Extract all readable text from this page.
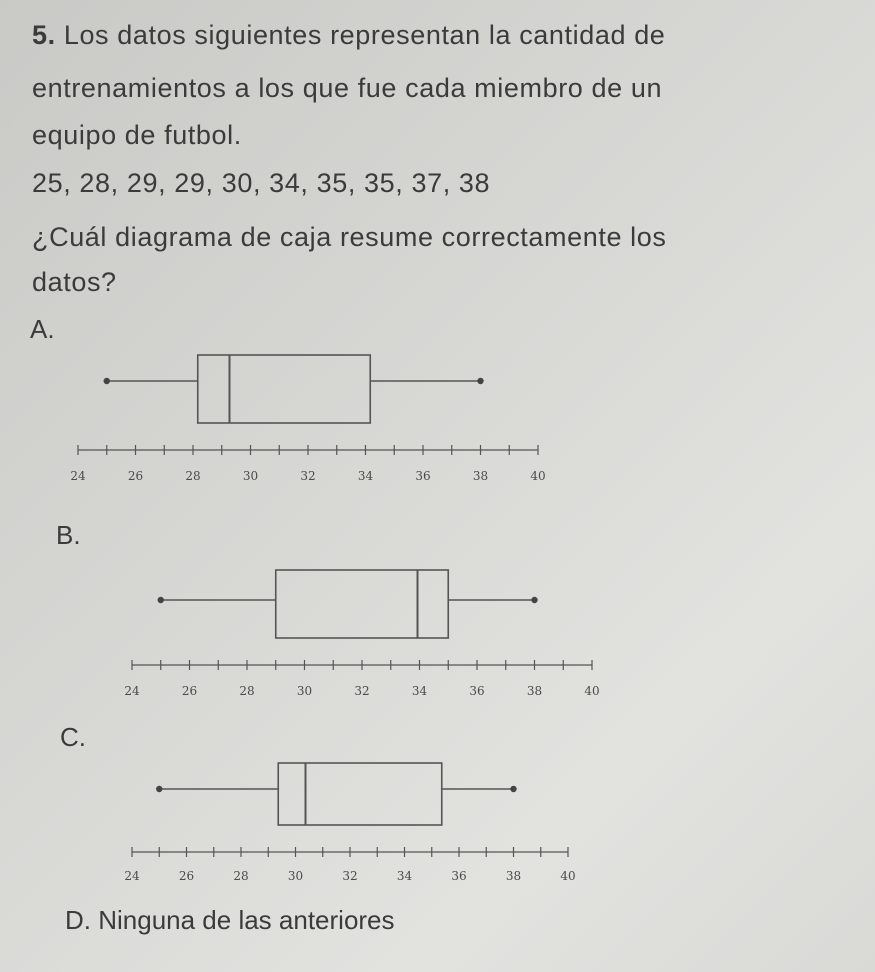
5. Los datos siguientes representan la cantidad de
entrenamientos a los que fue cada miembro de un
equipo de futbol.
25, 28, 29, 29, 30, 34, 35, 35, 37, 38
¿Cuál diagrama de caja resume correctamente los
datos?
A.
24	26	28	30	32	34	36	38	40
B.
24	26	28	30	32	34	36	38	40
C.
24	26	28	30	32	34	36	38	40
D. Ninguna de las anteriores
